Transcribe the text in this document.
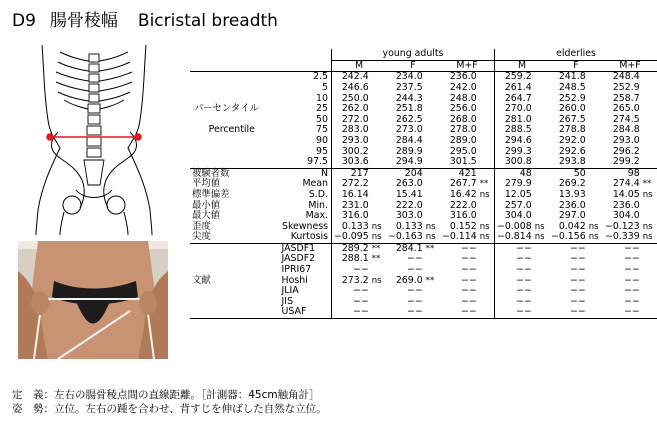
D9 腸骨稜幅 Bicristal breadth
		young adults						elderlies					
		M		F		M+F		M		F		M+F	
	2.5	242.4		234.0		236.0		259.2		241.8		248.4	
	5	246.6		237.5		242.0		261.4		248.5		252.9	
	10	250.0		244.3		248.0		264.7		252.9		258.7	
パーセンタイル	25	262.0		251.8		256.0		270.0		260.0		265.0	
	50	272.0		262.5		268.0		281.0		267.5		274.5	
Percentile	75	283.0		273.0		278.0		288.5		278.8		284.8	
	90	293.0		284.4		289.0		294.6		292.0		293.0	
	95	300.2		289.9		295.0		299.3		292.6		296.2	
	97.5	303.6		294.9		301.5		300.8		293.8		299.2	
被験者数	N	217		204		421		48		50		98	
平均値	Mean	272.2		263.0		267.7	**	279.9		269.2		274.4	**
標準偏差	S.D.	16.14		15.41		16.42	ns	12.05		13.93		14.05	ns
最小値	Min.	231.0		222.0		222.0		257.0		236.0		236.0	
最大値	Max.	316.0		303.0		316.0		304.0		297.0		304.0	
歪度	Skewness	0.133	ns	0.133	ns	0.152	ns	−0.008	ns	0.042	ns	−0.123	ns
尖度	Kurtosis	−0.095	ns	−0.163	ns	−0.114	ns	−0.814	ns	−0.156	ns	−0.339	ns
	JASDF1	289.2	**	284.1	**	−−		−−		−−		−−	
	JASDF2	288.1	**	−−		−−		−−		−−		−−	
	IPRI67	−−		−−		−−		−−		−−		−−	
文献	Hoshi	273.2	ns	269.0	**	−−		−−		−−		−−	
	JLIA	−−		−−		−−		−−		−−		−−	
	JIS	−−		−−		−−		−−		−−		−−	
	USAF	−−		−−		−−		−−		−−		−−	
定　義：左右の腸骨稜点間の直線距離。［計測器：45cm触角計］
姿　勢：立位。左右の踵を合わせ、背すじを伸ばした自然な立位。
